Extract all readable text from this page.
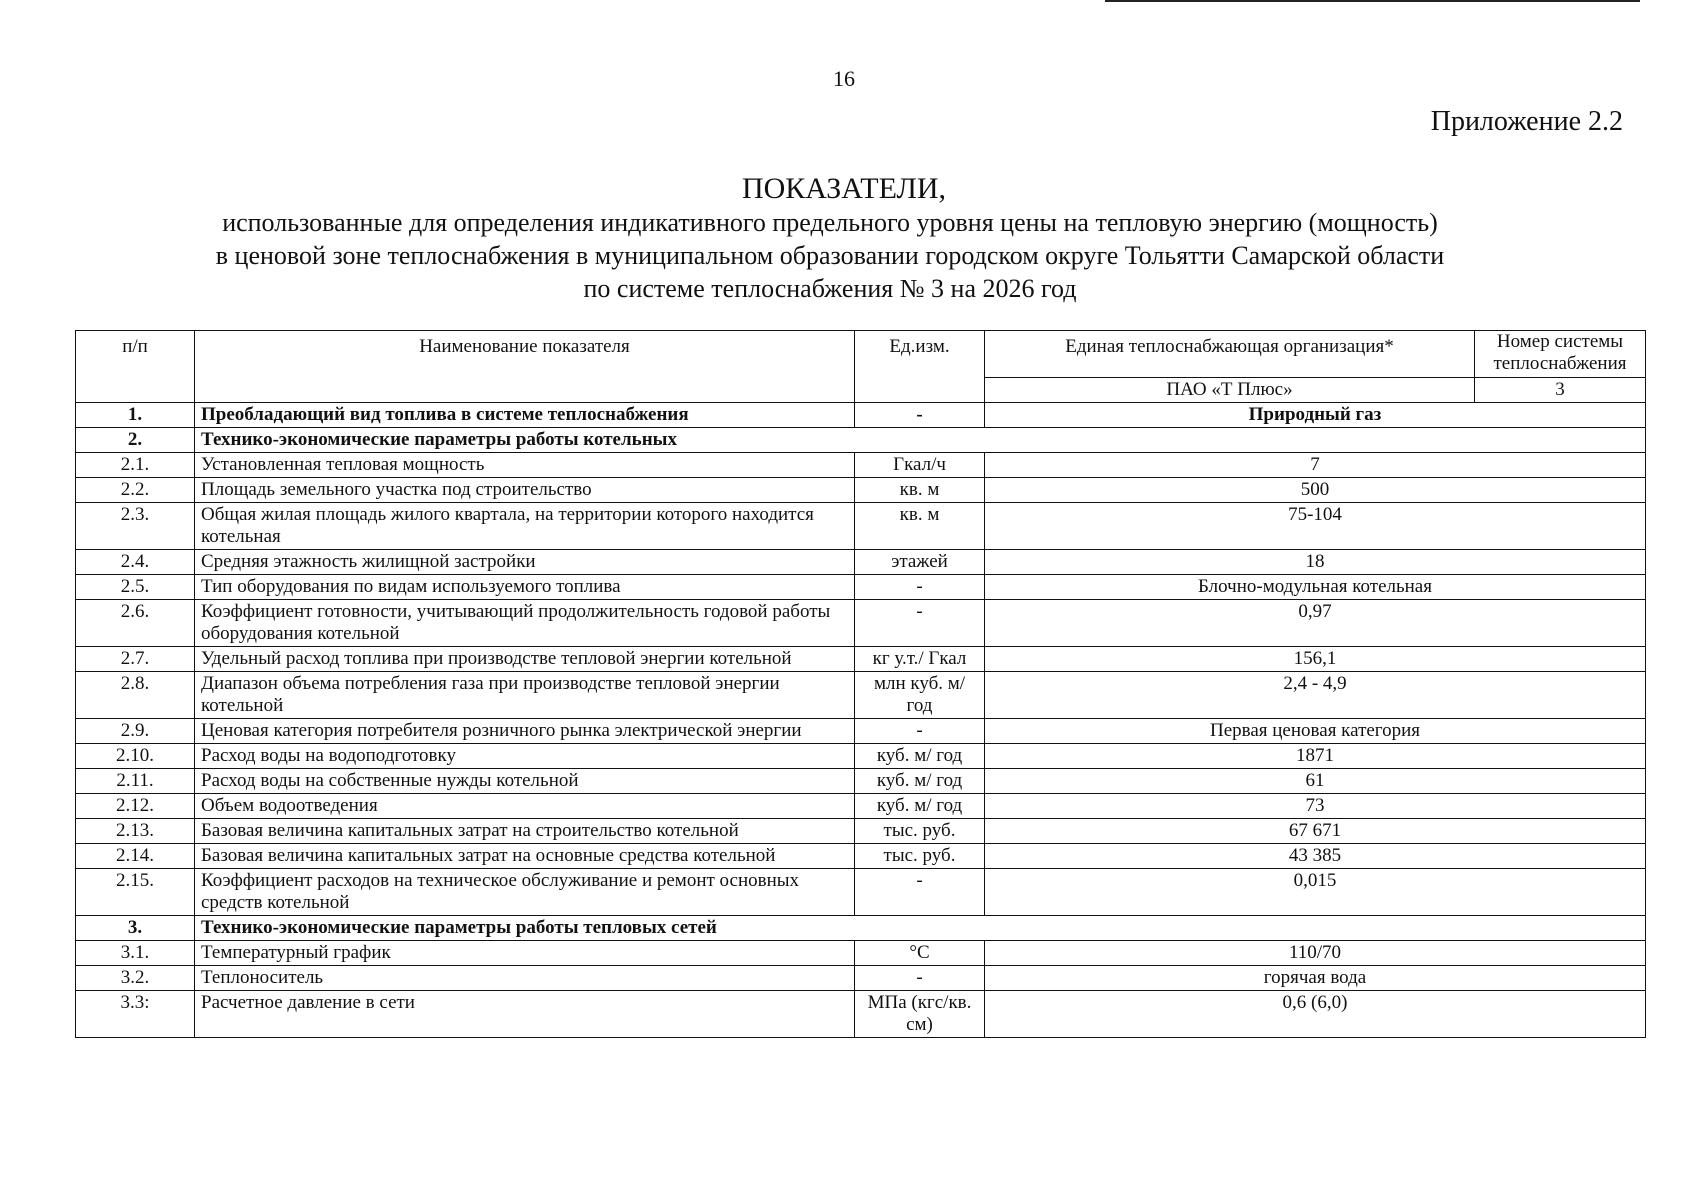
16
Приложение 2.2
ПОКАЗАТЕЛИ,
использованные для определения индикативного предельного уровня цены на тепловую энергию (мощность)
в ценовой зоне теплоснабжения в муниципальном образовании городском округе Тольятти Самарской области
по системе теплоснабжения № 3 на 2026 год
п/п	Наименование показателя	Ед.изм.	Единая теплоснабжающая организация*	Номер системы теплоснабжения
			ПАО «Т Плюс»	3
1.	Преобладающий вид топлива в системе теплоснабжения	-	Природный газ	
2.	Технико-экономические параметры работы котельных			
2.1.	Установленная тепловая мощность	Гкал/ч	7	
2.2.	Площадь земельного участка под строительство	кв. м	500	
2.3.	Общая жилая площадь жилого квартала, на территории которого находится котельная	кв. м	75-104	
2.4.	Средняя этажность жилищной застройки	этажей	18	
2.5.	Тип оборудования по видам используемого топлива	-	Блочно-модульная котельная	
2.6.	Коэффициент готовности, учитывающий продолжительность годовой работы оборудования котельной	-	0,97	
2.7.	Удельный расход топлива при производстве тепловой энергии котельной	кг у.т./ Гкал	156,1	
2.8.	Диапазон объема потребления газа при производстве тепловой энергии котельной	млн куб. м/год	2,4 - 4,9	
2.9.	Ценовая категория потребителя розничного рынка электрической энергии	-	Первая ценовая категория	
2.10.	Расход воды на водоподготовку	куб. м/ год	1871	
2.11.	Расход воды на собственные нужды котельной	куб. м/ год	61	
2.12.	Объем водоотведения	куб. м/ год	73	
2.13.	Базовая величина капитальных затрат на строительство котельной	тыс. руб.	67 671	
2.14.	Базовая величина капитальных затрат на основные средства котельной	тыс. руб.	43 385	
2.15.	Коэффициент расходов на техническое обслуживание и ремонт основных средств котельной	-	0,015	
3.	Технико-экономические параметры работы тепловых сетей			
3.1.	Температурный график	°С	110/70	
3.2.	Теплоноситель	-	горячая вода	
3.3:	Расчетное давление в сети	МПа (кгс/кв. см)	0,6 (6,0)	
